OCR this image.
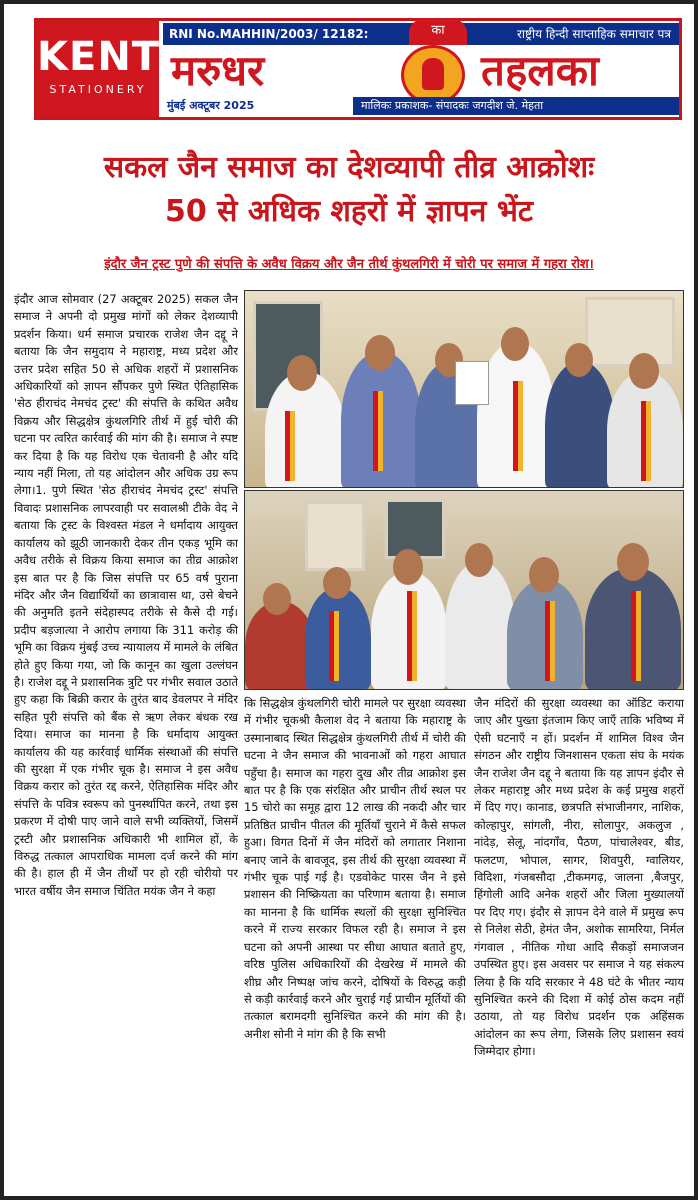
KENT
STATIONERY
RNI No.MAHHIN/2003/ 12182:	राष्ट्रीय हिन्दी साप्ताहिक समाचार पत्र
का
मरुधर	तहलका
मुंबई अक्टूबर 2025	मालिकः प्रकाशक- संपादकः जगदीश जे. मेहता
सकल जैन समाज का देशव्यापी तीव्र आक्रोशः
50 से अधिक शहरों में ज्ञापन भेंट
इंदौर जैन ट्रस्ट पुणे की संपत्ति के अवैध विक्रय और जैन तीर्थ कुंथलगिरी में चोरी पर समाज में गहरा रोश।
इंदौर आज सोमवार (27 अक्टूबर 2025) सकल जैन समाज ने अपनी दो प्रमुख मांगों को लेकर देशव्यापी प्रदर्शन किया। धर्म समाज प्रचारक राजेश जैन दद्दू ने बताया कि जैन समुदाय ने महाराष्ट्र, मध्य प्रदेश और उत्तर प्रदेश सहित 50 से अधिक शहरों में प्रशासनिक अधिकारियों को ज्ञापन सौंपकर पुणे स्थित ऐतिहासिक 'सेठ हीराचंद नेमचंद ट्रस्ट' की संपत्ति के कथित अवैध विक्रय और सिद्धक्षेत्र कुंथलगिरि तीर्थ में हुई चोरी की घटना पर त्वरित कार्रवाई की मांग की है। समाज ने स्पष्ट कर दिया है कि यह विरोध एक चेतावनी है और यदि न्याय नहीं मिला, तो यह आंदोलन और अधिक उग्र रूप लेगा।1. पुणे स्थित 'सेठ हीराचंद नेमचंद ट्रस्ट' संपत्ति विवादः प्रशासनिक लापरवाही पर सवालश्री टीके वेद ने बताया कि ट्रस्ट के विश्वस्त मंडल ने धर्मादाय आयुक्त कार्यालय को झूठी जानकारी देकर तीन एकड़ भूमि का अवैध तरीके से विक्रय किया समाज का तीव्र आक्रोश इस बात पर है कि जिस संपत्ति पर 65 वर्ष पुराना मंदिर और जैन विद्यार्थियों का छात्रावास था, उसे बेचने की अनुमति इतने संदेहास्पद तरीके से कैसे दी गई। प्रदीप बड़जात्या ने आरोप लगाया कि 311 करोड़ की भूमि का विक्रय मुंबई उच्च न्यायालय में मामले के लंबित होते हुए किया गया, जो कि कानून का खुला उल्लंघन है। राजेश दद्दू ने प्रशासनिक त्रुटि पर गंभीर सवाल उठाते हुए कहा कि बिक्री करार के तुरंत बाद डेवलपर ने मंदिर सहित पूरी संपत्ति को बैंक से ऋण लेकर बंधक रख दिया। समाज का मानना है कि धर्मादाय आयुक्त कार्यालय की यह कार्रवाई धार्मिक संस्थाओं की संपत्ति की सुरक्षा में एक गंभीर चूक है। समाज ने इस अवैध विक्रय करार को तुरंत रद्द करने, ऐतिहासिक मंदिर और संपत्ति के पवित्र स्वरूप को पुनर्स्थापित करने, तथा इस प्रकरण में दोषी पाए जाने वाले सभी व्यक्तियों, जिसमें ट्रस्टी और प्रशासनिक अधिकारी भी शामिल हों, के विरुद्ध तत्काल आपराधिक मामला दर्ज करने की मांग की है। हाल ही में जैन तीर्थों पर हो रही चोरीयो पर भारत वर्षीय जैन समाज चिंतित मयंक जैन ने कहा
कि सिद्धक्षेत्र कुंथलगिरी चोरी मामले पर सुरक्षा व्यवस्था में गंभीर चूकश्री कैलाश वेद ने बताया कि महाराष्ट्र के उस्मानाबाद स्थित सिद्धक्षेत्र कुंथलगिरी तीर्थ में चोरी की घटना ने जैन समाज की भावनाओं को गहरा आघात पहुँचा है। समाज का गहरा दुख और तीव्र आक्रोश इस बात पर है कि एक संरक्षित और प्राचीन तीर्थ स्थल पर 15 चोरो का समूह द्वारा 12 लाख की नकदी और चार प्रतिष्ठित प्राचीन पीतल की मूर्तियाँ चुराने में कैसे सफल हुआ। विगत दिनों में जैन मंदिरों को लगातार निशाना बनाए जाने के बावजूद, इस तीर्थ की सुरक्षा व्यवस्था में गंभीर चूक पाई गई है। एडवोकेट पारस जैन ने इसे प्रशासन की निष्क्रियता का परिणाम बताया है। समाज का मानना है कि धार्मिक स्थलों की सुरक्षा सुनिश्चित करने में राज्य सरकार विफल रही है। समाज ने इस घटना को अपनी आस्था पर सीधा आघात बताते हुए, वरिष्ठ पुलिस अधिकारियों की देखरेख में मामले की शीघ्र और निष्पक्ष जांच करने, दोषियों के विरुद्ध कड़ी से कड़ी कार्रवाई करने और चुराई गई प्राचीन मूर्तियों की तत्काल बरामदगी सुनिश्चित करने की मांग की है। अनीश सोनी ने मांग की है कि सभी
जैन मंदिरों की सुरक्षा व्यवस्था का ऑडिट कराया जाए और पुख्ता इंतजाम किए जाएँ ताकि भविष्य में ऐसी घटनाएँ न हों। प्रदर्शन में शामिल विश्व जैन संगठन और राष्ट्रीय जिनशासन एकता संघ के मयंक जैन राजेश जैन दद्दू ने बताया कि यह ज्ञापन इंदौर से लेकर महाराष्ट्र और मध्य प्रदेश के कई प्रमुख शहरों में दिए गए। कानाड, छत्रपति संभाजीनगर, नाशिक, कोल्हापुर, सांगली, नीरा, सोलापुर, अकलुज , नांदेड़, सेलू, नांदगाँव, पैठण, पांचालेश्वर, बीड, फलटण, भोपाल, सागर, शिवपुरी, ग्वालियर, विदिशा, गंजबसौदा ,टीकमगढ़, जालना ,बैजपुर, हिंगोली आदि अनेक शहरों और जिला मुख्यालयों पर दिए गए। इंदौर से ज्ञापन देने वाले में प्रमुख रूप से निलेश सेठी, हेमंत जैन, अशोक सामरिया, निर्मल गंगवाल , नीतिक गोधा आदि सैकड़ों समाजजन उपस्थित हुए। इस अवसर पर समाज ने यह संकल्प लिया है कि यदि सरकार ने 48 घंटे के भीतर न्याय सुनिश्चित करने की दिशा में कोई ठोस कदम नहीं उठाया, तो यह विरोध प्रदर्शन एक अहिंसक आंदोलन का रूप लेगा, जिसके लिए प्रशासन स्वयं जिम्मेदार होगा।
